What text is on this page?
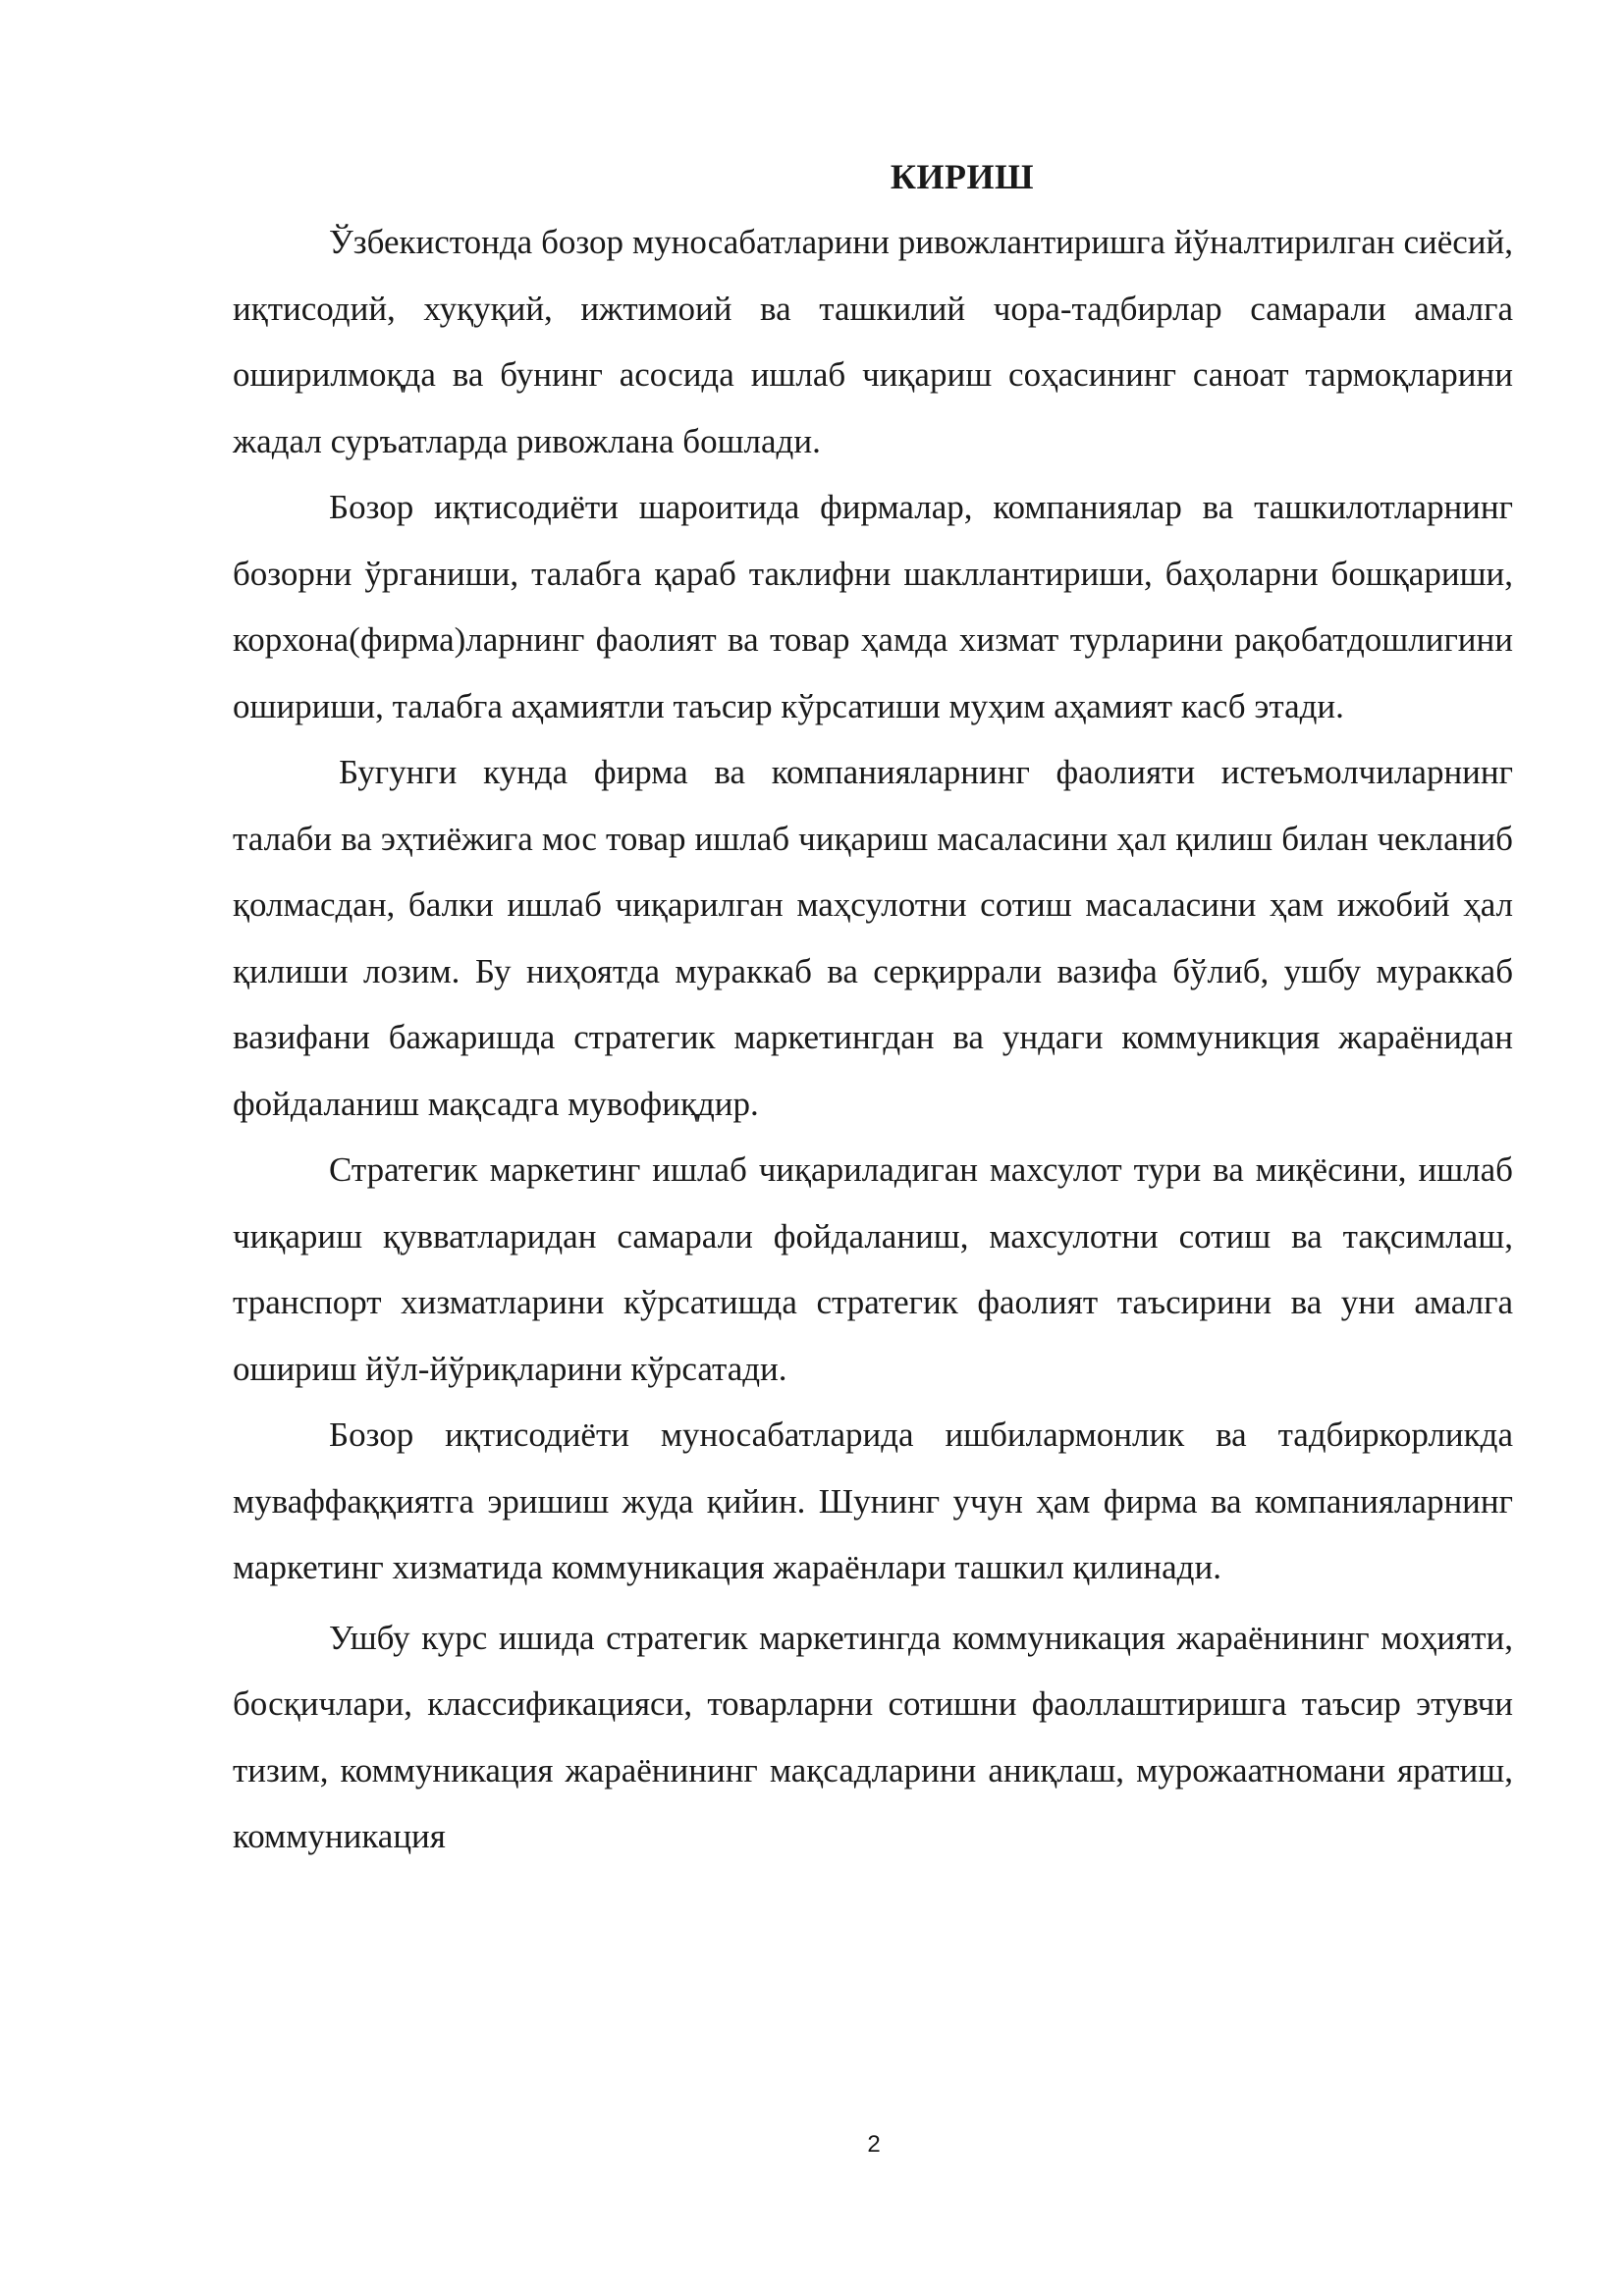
КИРИШ

Ўзбекистонда бозор муносабатларини ривожлантиришга йўналтирилган сиёсий, иқтисодий, хуқуқий, ижтимоий ва ташкилий чора-тадбирлар самарали амалга оширилмоқда ва бунинг асосида ишлаб чиқариш соҳасининг саноат тармоқларини жадал суръатларда ривожлана бошлади.

Бозор иқтисодиёти шароитида фирмалар, компаниялар ва ташкилотларнинг бозорни ўрганиши, талабга қараб таклифни шакллантириши, баҳоларни бошқариши, корхона(фирма)ларнинг фаолият ва товар ҳамда хизмат турларини рақобатдошлигини ошириши, талабга аҳамиятли таъсир кўрсатиши муҳим аҳамият касб этади.

Бугунги кунда фирма ва компанияларнинг фаолияти истеъмолчиларнинг талаби ва эҳтиёжига мос товар ишлаб чиқариш масаласини ҳал қилиш билан чекланиб қолмасдан, балки ишлаб чиқарилган маҳсулотни сотиш масаласини ҳам ижобий ҳал қилиши лозим. Бу ниҳоятда мураккаб ва серқиррали вазифа бўлиб, ушбу мураккаб вазифани бажаришда стратегик маркетингдан ва ундаги коммуникция жараёнидан фойдаланиш мақсадга мувофиқдир.

Стратегик маркетинг ишлаб чиқариладиган махсулот тури ва миқёсини, ишлаб чиқариш қувватларидан самарали фойдаланиш, махсулотни сотиш ва тақсимлаш, транспорт хизматларини кўрсатишда стратегик фаолият таъсирини ва уни амалга ошириш йўл-йўриқларини кўрсатади.

Бозор иқтисодиёти муносабатларида ишбилармонлик ва тадбиркорликда муваффаққиятга эришиш жуда қийин. Шунинг учун ҳам фирма ва компанияларнинг маркетинг хизматида коммуникация жараёнлари ташкил қилинади.

Ушбу курс ишида стратегик маркетингда коммуникация жараёнининг моҳияти, босқичлари, классификацияси, товарларни сотишни фаоллаштиришга таъсир этувчи тизим, коммуникация жараёнининг мақсадларини аниқлаш, мурожаатномани яратиш, коммуникация

2
